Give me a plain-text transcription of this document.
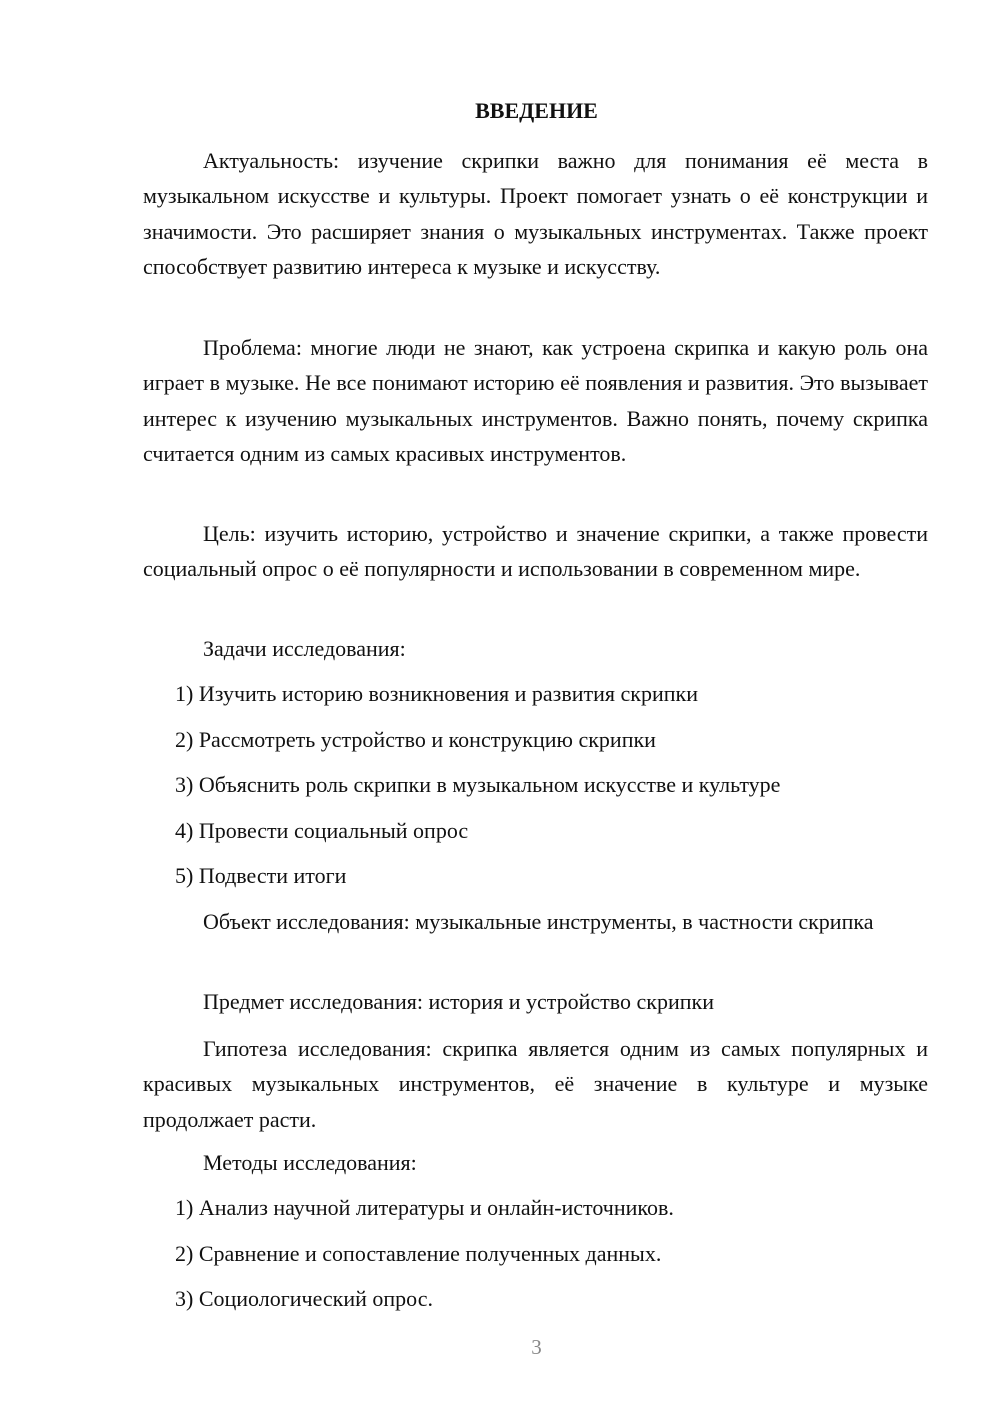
ВВЕДЕНИЕ
Актуальность: изучение скрипки важно для понимания её места в музыкальном искусстве и культуры. Проект помогает узнать о её конструкции и значимости. Это расширяет знания о музыкальных инструментах. Также проект способствует развитию интереса к музыке и искусству.
Проблема: многие люди не знают, как устроена скрипка и какую роль она играет в музыке. Не все понимают историю её появления и развития. Это вызывает интерес к изучению музыкальных инструментов. Важно понять, почему скрипка считается одним из самых красивых инструментов.
Цель: изучить историю, устройство и значение скрипки, а также провести социальный опрос о её популярности и использовании в современном мире.
Задачи исследования:
1) Изучить историю возникновения и развития скрипки
2) Рассмотреть устройство и конструкцию скрипки
3) Объяснить роль скрипки в музыкальном искусстве и культуре
4) Провести социальный опрос
5) Подвести итоги
Объект исследования: музыкальные инструменты, в частности скрипка
Предмет исследования: история и устройство скрипки
Гипотеза исследования: скрипка является одним из самых популярных и красивых музыкальных инструментов, её значение в культуре и музыке продолжает расти.
Методы исследования:
1) Анализ научной литературы и онлайн-источников.
2) Сравнение и сопоставление полученных данных.
3) Социологический опрос.
3
